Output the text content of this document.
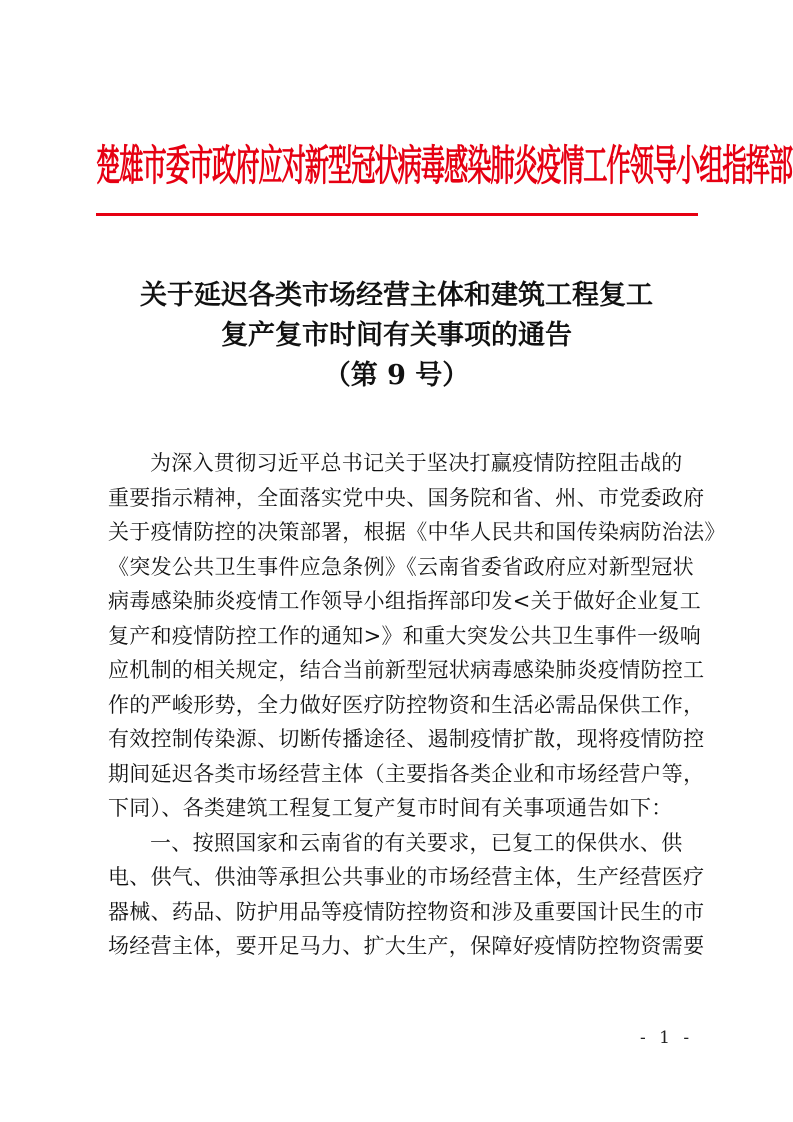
楚雄市委市政府应对新型冠状病毒感染肺炎疫情工作领导小组指挥部
关于延迟各类市场经营主体和建筑工程复工
复产复市时间有关事项的通告
（第 9 号）
为深入贯彻习近平总书记关于坚决打赢疫情防控阻击战的
重要指示精神，全面落实党中央、国务院和省、州、市党委政府
关于疫情防控的决策部署，根据《中华人民共和国传染病防治法》
《突发公共卫生事件应急条例》《云南省委省政府应对新型冠状
病毒感染肺炎疫情工作领导小组指挥部印发<关于做好企业复工
复产和疫情防控工作的通知>》和重大突发公共卫生事件一级响
应机制的相关规定，结合当前新型冠状病毒感染肺炎疫情防控工
作的严峻形势，全力做好医疗防控物资和生活必需品保供工作，
有效控制传染源、切断传播途径、遏制疫情扩散，现将疫情防控
期间延迟各类市场经营主体（主要指各类企业和市场经营户等，
下同）、各类建筑工程复工复产复市时间有关事项通告如下：
一、按照国家和云南省的有关要求，已复工的保供水、供
电、供气、供油等承担公共事业的市场经营主体，生产经营医疗
器械、药品、防护用品等疫情防控物资和涉及重要国计民生的市
场经营主体，要开足马力、扩大生产，保障好疫情防控物资需要
- 1 -
